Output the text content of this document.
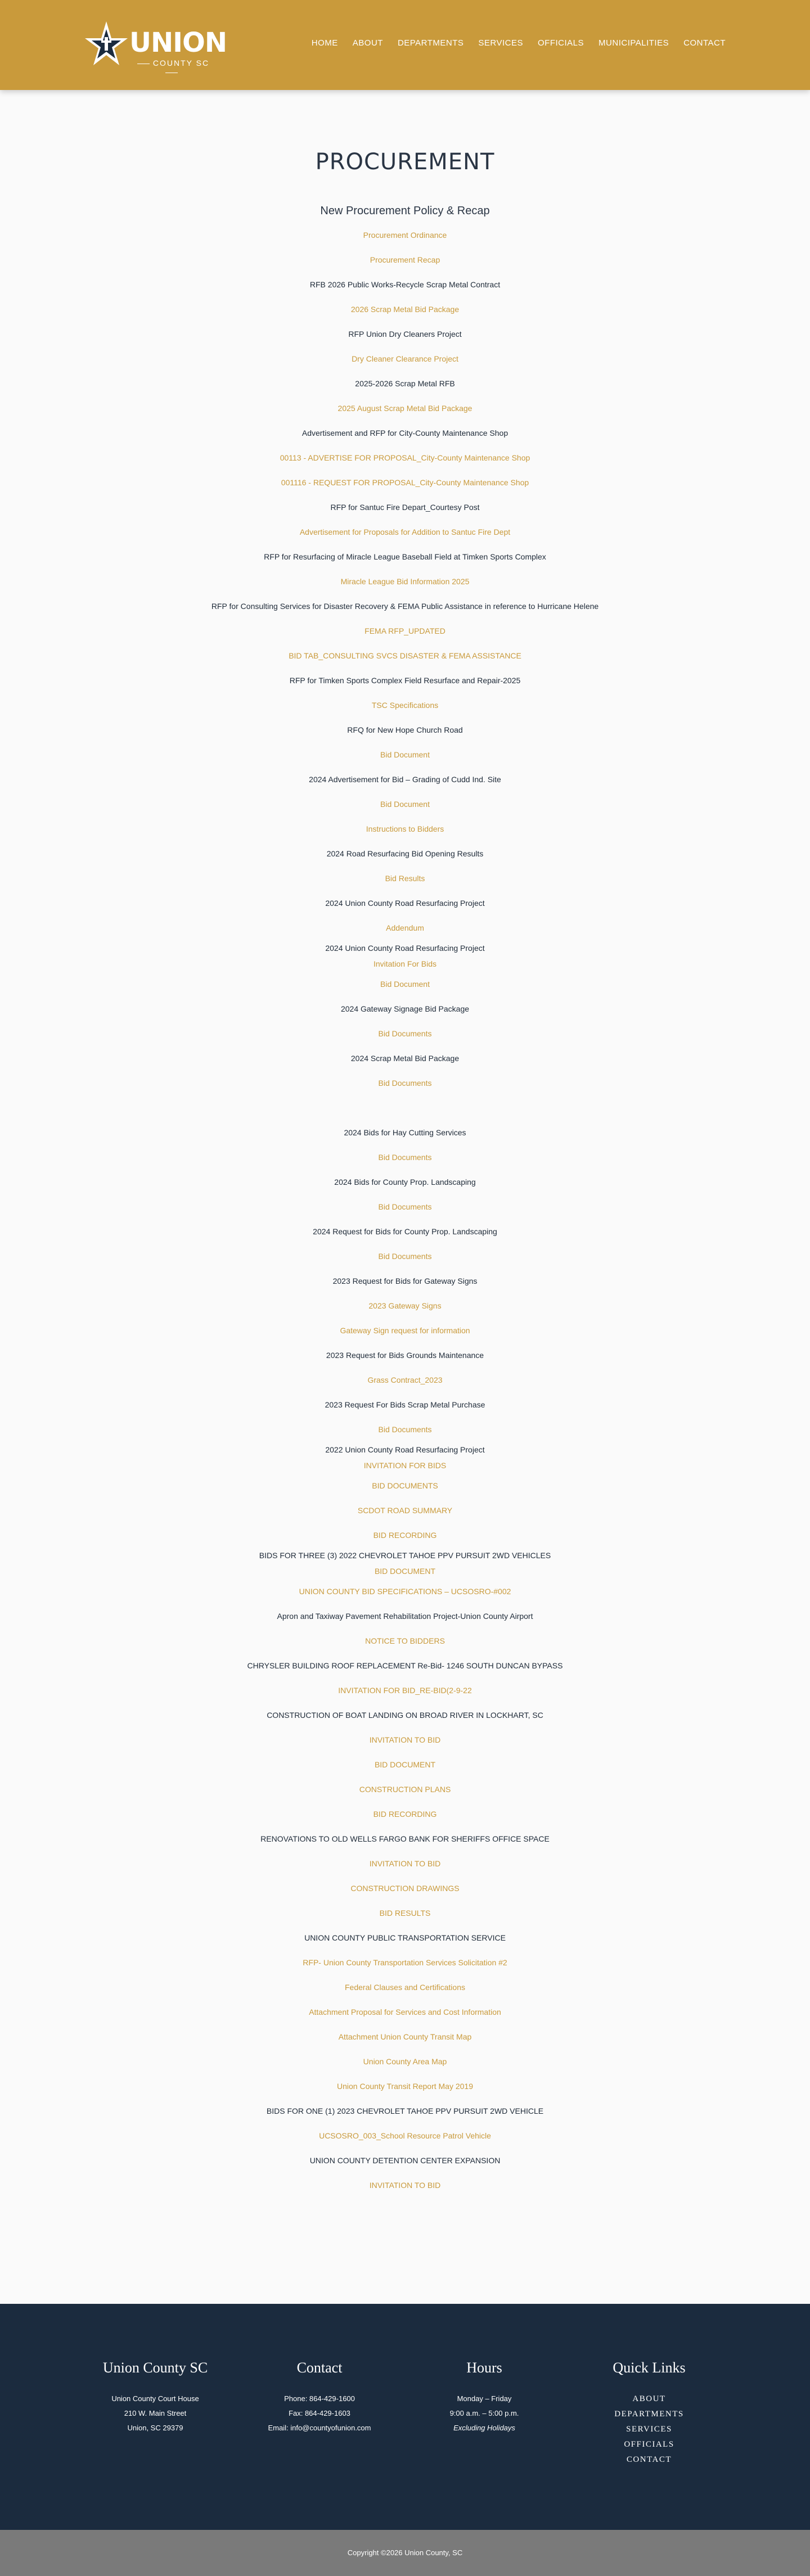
UNION
COUNTY SC
HOME ABOUT DEPARTMENTS SERVICES OFFICIALS MUNICIPALITIES CONTACT
PROCUREMENT
New Procurement Policy & Recap
Procurement Ordinance
Procurement Recap
RFB 2026 Public Works-Recycle Scrap Metal Contract
2026 Scrap Metal Bid Package
RFP Union Dry Cleaners Project
Dry Cleaner Clearance Project
2025-2026 Scrap Metal RFB
2025 August Scrap Metal Bid Package
Advertisement and RFP for City-County Maintenance Shop
00113 - ADVERTISE FOR PROPOSAL_City-County Maintenance Shop
001116 - REQUEST FOR PROPOSAL_City-County Maintenance Shop
RFP for Santuc Fire Depart_Courtesy Post
Advertisement for Proposals for Addition to Santuc Fire Dept
RFP for Resurfacing of Miracle League Baseball Field at Timken Sports Complex
Miracle League Bid Information 2025
RFP for Consulting Services for Disaster Recovery & FEMA Public Assistance in reference to Hurricane Helene
FEMA RFP_UPDATED
BID TAB_CONSULTING SVCS DISASTER & FEMA ASSISTANCE
RFP for Timken Sports Complex Field Resurface and Repair-2025
TSC Specifications
RFQ for New Hope Church Road
Bid Document
2024 Advertisement for Bid – Grading of Cudd Ind. Site
Bid Document
Instructions to Bidders
2024 Road Resurfacing Bid Opening Results
Bid Results
2024 Union County Road Resurfacing Project
Addendum
2024 Union County Road Resurfacing Project
Invitation For Bids
Bid Document
2024 Gateway Signage Bid Package
Bid Documents
2024 Scrap Metal Bid Package
Bid Documents

2024 Bids for Hay Cutting Services
Bid Documents
2024 Bids for County Prop. Landscaping
Bid Documents
2024 Request for Bids for County Prop. Landscaping
Bid Documents
2023 Request for Bids for Gateway Signs
2023 Gateway Signs
Gateway Sign request for information
2023 Request for Bids Grounds Maintenance
Grass Contract_2023
2023 Request For Bids Scrap Metal Purchase
Bid Documents
2022 Union County Road Resurfacing Project
INVITATION FOR BIDS
BID DOCUMENTS
SCDOT ROAD SUMMARY
BID RECORDING
BIDS FOR THREE (3) 2022 CHEVROLET TAHOE PPV PURSUIT 2WD VEHICLES
BID DOCUMENT
UNION COUNTY BID SPECIFICATIONS – UCSOSRO-#002
Apron and Taxiway Pavement Rehabilitation Project-Union County Airport
NOTICE TO BIDDERS
CHRYSLER BUILDING ROOF REPLACEMENT Re-Bid- 1246 SOUTH DUNCAN BYPASS
INVITATION FOR BID_RE-BID(2-9-22
CONSTRUCTION OF BOAT LANDING ON BROAD RIVER IN LOCKHART, SC
INVITATION TO BID
BID DOCUMENT
CONSTRUCTION PLANS
BID RECORDING
RENOVATIONS TO OLD WELLS FARGO BANK FOR SHERIFFS OFFICE SPACE
INVITATION TO BID
CONSTRUCTION DRAWINGS
BID RESULTS
UNION COUNTY PUBLIC TRANSPORTATION SERVICE
RFP- Union County Transportation Services Solicitation #2
Federal Clauses and Certifications
Attachment Proposal for Services and Cost Information
Attachment Union County Transit Map
Union County Area Map
Union County Transit Report May 2019
BIDS FOR ONE (1) 2023 CHEVROLET TAHOE PPV PURSUIT 2WD VEHICLE
UCSOSRO_003_School Resource Patrol Vehicle
UNION COUNTY DETENTION CENTER EXPANSION
INVITATION TO BID
Union County SC
Union County Court House
210 W. Main Street
Union, SC 29379
Contact
Phone: 864-429-1600
Fax: 864-429-1603
Email: info@countyofunion.com
Hours
Monday – Friday
9:00 a.m. – 5:00 p.m.
Excluding Holidays
Quick Links
ABOUT
DEPARTMENTS
SERVICES
OFFICIALS
CONTACT
Copyright ©2026 Union County, SC
